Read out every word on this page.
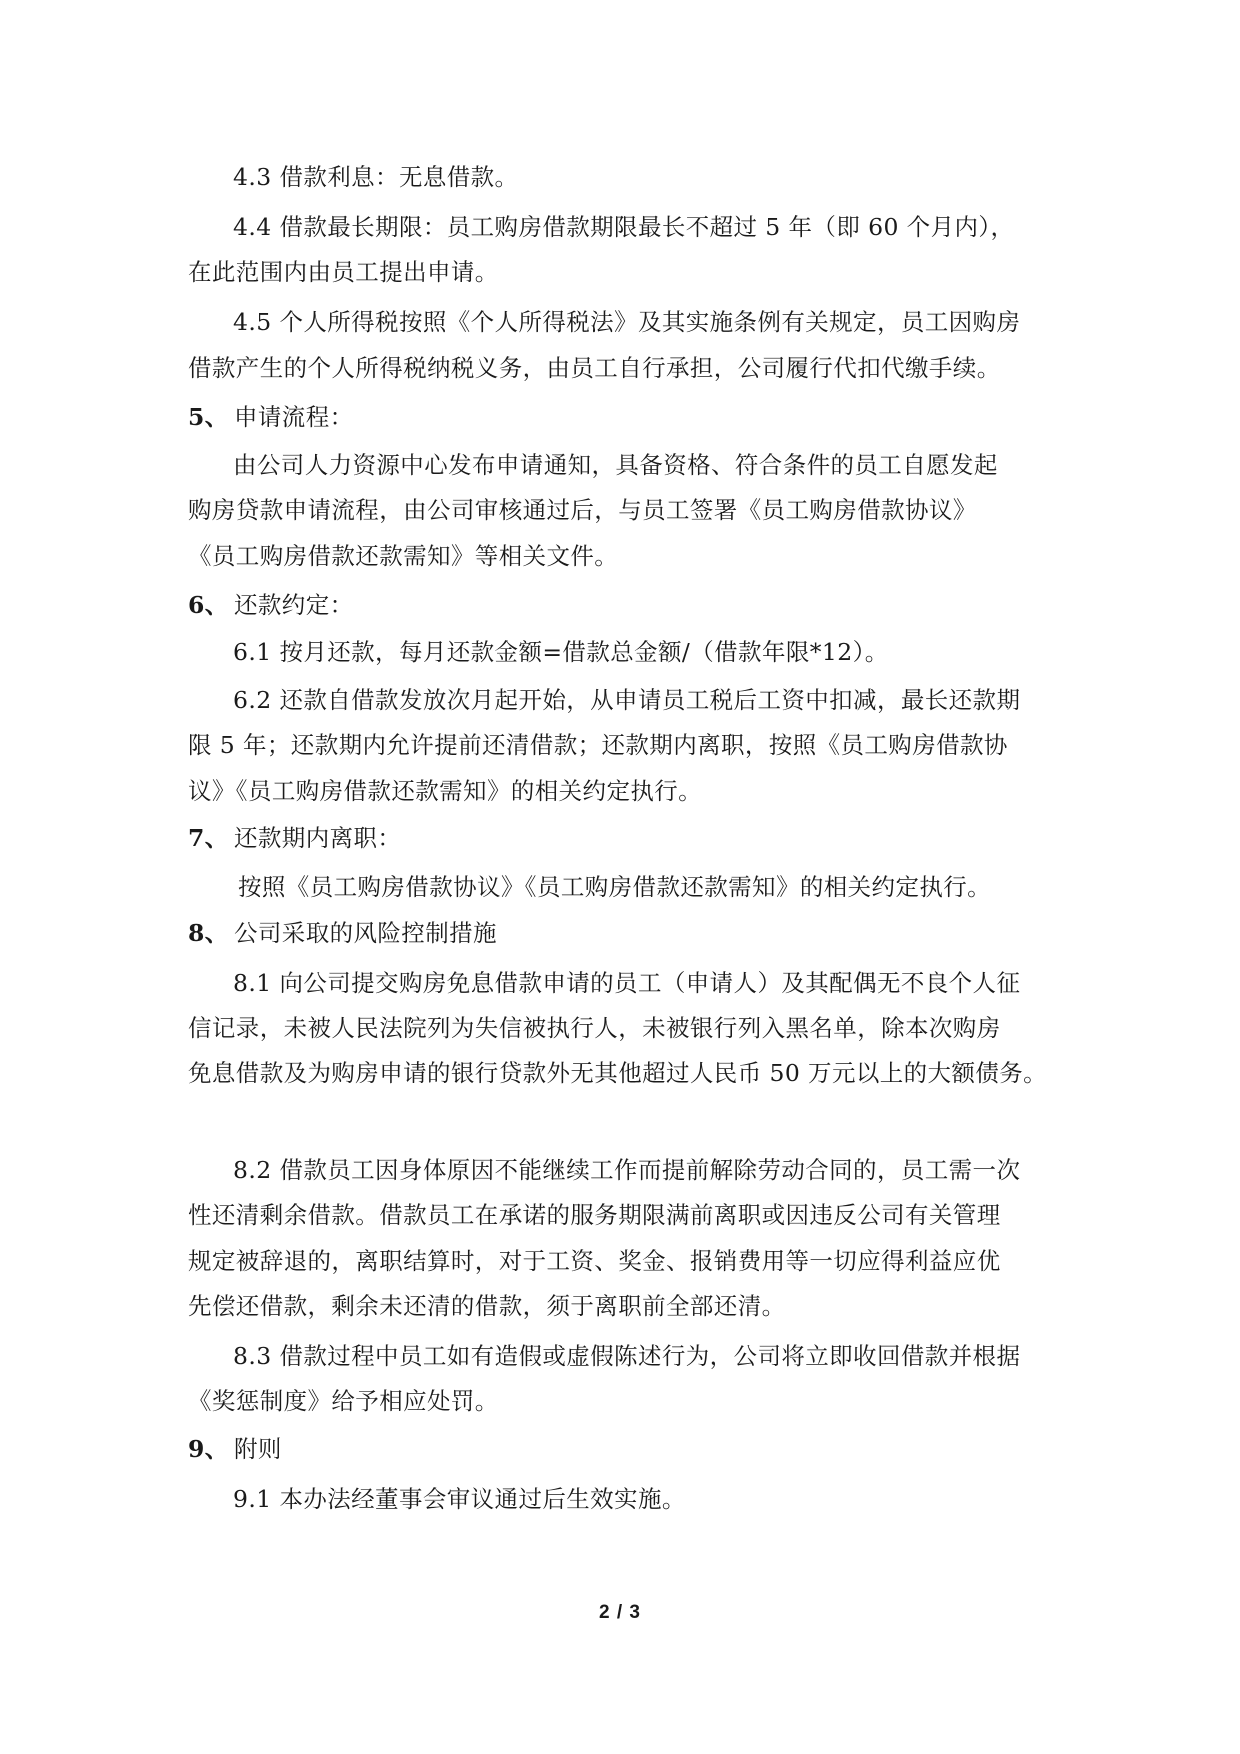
4.3 借款利息：无息借款。
4.4 借款最长期限：员工购房借款期限最长不超过 5 年（即 60 个月内），
在此范围内由员工提出申请。
4.5 个人所得税按照《个人所得税法》及其实施条例有关规定，员工因购房
借款产生的个人所得税纳税义务，由员工自行承担，公司履行代扣代缴手续。
5、 申请流程：
由公司人力资源中心发布申请通知，具备资格、符合条件的员工自愿发起
购房贷款申请流程，由公司审核通过后，与员工签署《员工购房借款协议》
《员工购房借款还款需知》等相关文件。
6、 还款约定：
6.1 按月还款，每月还款金额=借款总金额/（借款年限*12）。
6.2 还款自借款发放次月起开始，从申请员工税后工资中扣减，最长还款期
限 5 年；还款期内允许提前还清借款；还款期内离职，按照《员工购房借款协
议》《员工购房借款还款需知》的相关约定执行。
7、 还款期内离职：
按照《员工购房借款协议》《员工购房借款还款需知》的相关约定执行。
8、 公司采取的风险控制措施
8.1 向公司提交购房免息借款申请的员工（申请人）及其配偶无不良个人征
信记录，未被人民法院列为失信被执行人，未被银行列入黑名单，除本次购房
免息借款及为购房申请的银行贷款外无其他超过人民币 50 万元以上的大额债务。
8.2 借款员工因身体原因不能继续工作而提前解除劳动合同的，员工需一次
性还清剩余借款。借款员工在承诺的服务期限满前离职或因违反公司有关管理
规定被辞退的，离职结算时，对于工资、奖金、报销费用等一切应得利益应优
先偿还借款，剩余未还清的借款，须于离职前全部还清。
8.3 借款过程中员工如有造假或虚假陈述行为，公司将立即收回借款并根据
《奖惩制度》给予相应处罚。
9、 附则
9.1 本办法经董事会审议通过后生效实施。
2 / 3
